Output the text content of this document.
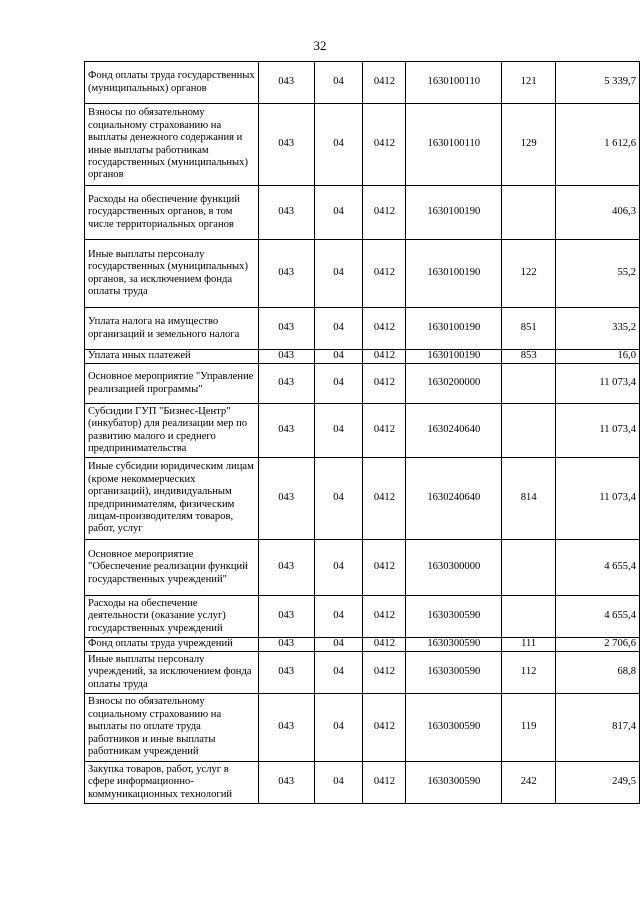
32
Фонд оплаты труда государственных (муниципальных) органов	043	04	0412	1630100110	121	5 339,7
Взносы по обязательному социальному страхованию на выплаты денежного содержания и иные выплаты работникам государственных (муниципальных) органов	043	04	0412	1630100110	129	1 612,6
Расходы на обеспечение функций государственных органов, в том числе территориальных органов	043	04	0412	1630100190		406,3
Иные выплаты персоналу государственных (муниципальных) органов, за исключением фонда оплаты труда	043	04	0412	1630100190	122	55,2
Уплата налога на имущество организаций и земельного налога	043	04	0412	1630100190	851	335,2
Уплата иных платежей	043	04	0412	1630100190	853	16,0
Основное мероприятие "Управление реализацией программы"	043	04	0412	1630200000		11 073,4
Субсидии ГУП "Бизнес-Центр" (инкубатор) для реализации мер по развитию малого и среднего предпринимательства	043	04	0412	1630240640		11 073,4
Иные субсидии юридическим лицам (кроме некоммерческих организаций), индивидуальным предпринимателям, физическим лицам-производителям товаров, работ, услуг	043	04	0412	1630240640	814	11 073,4
Основное мероприятие "Обеспечение реализации функций государственных учреждений"	043	04	0412	1630300000		4 655,4
Расходы на обеспечение деятельности (оказание услуг) государственных учреждений	043	04	0412	1630300590		4 655,4
Фонд оплаты труда учреждений	043	04	0412	1630300590	111	2 706,6
Иные выплаты персоналу учреждений, за исключением фонда оплаты труда	043	04	0412	1630300590	112	68,8
Взносы по обязательному социальному страхованию на выплаты по оплате труда работников и иные выплаты работникам учреждений	043	04	0412	1630300590	119	817,4
Закупка товаров, работ, услуг в сфере информационно-коммуникационных технологий	043	04	0412	1630300590	242	249,5
